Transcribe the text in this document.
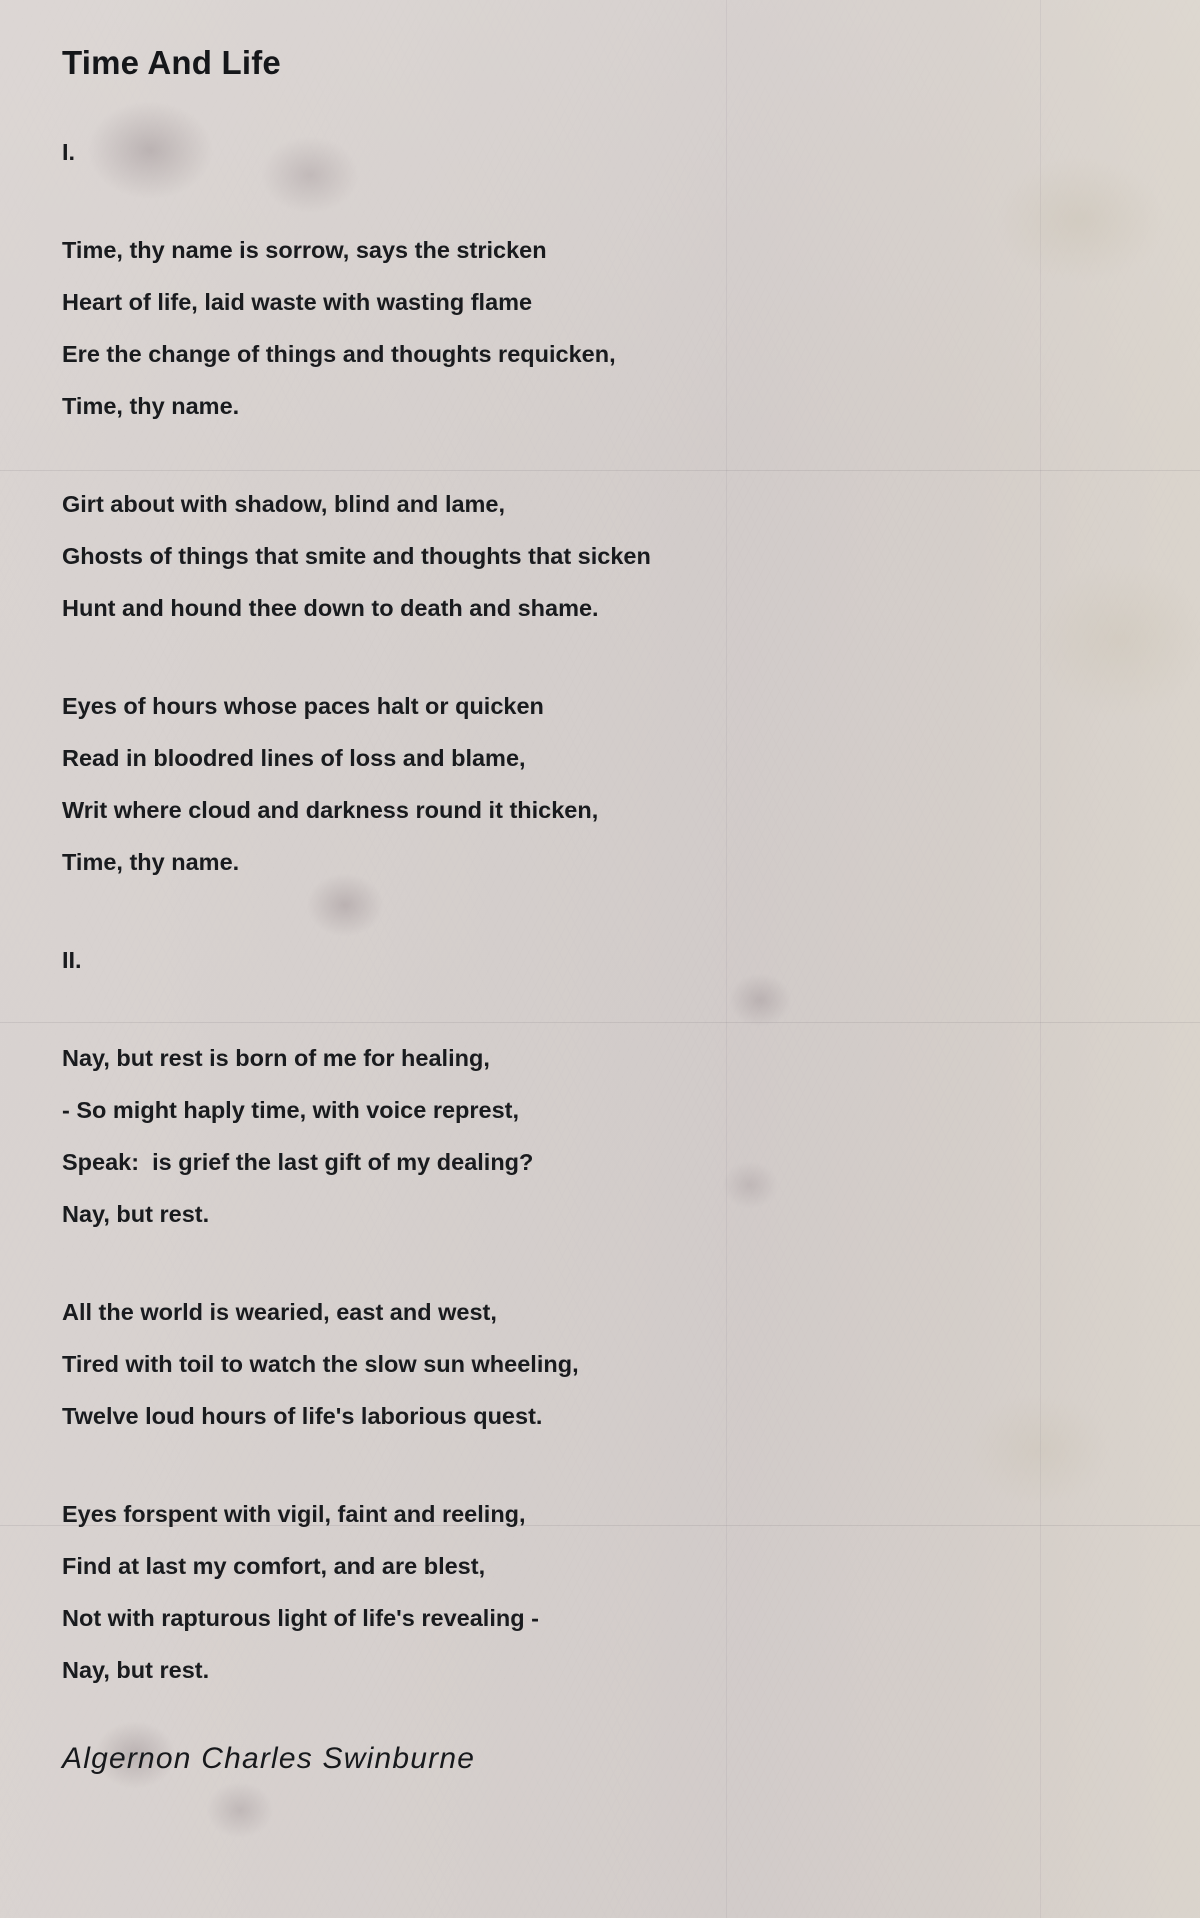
Time And Life
I.
Time, thy name is sorrow, says the stricken
Heart of life, laid waste with wasting flame
Ere the change of things and thoughts requicken,
Time, thy name.
Girt about with shadow, blind and lame,
Ghosts of things that smite and thoughts that sicken
Hunt and hound thee down to death and shame.
Eyes of hours whose paces halt or quicken
Read in bloodred lines of loss and blame,
Writ where cloud and darkness round it thicken,
Time, thy name.
II.
Nay, but rest is born of me for healing,
- So might haply time, with voice represt,
Speak:  is grief the last gift of my dealing?
Nay, but rest.
All the world is wearied, east and west,
Tired with toil to watch the slow sun wheeling,
Twelve loud hours of life's laborious quest.
Eyes forspent with vigil, faint and reeling,
Find at last my comfort, and are blest,
Not with rapturous light of life's revealing -
Nay, but rest.
Algernon Charles Swinburne
